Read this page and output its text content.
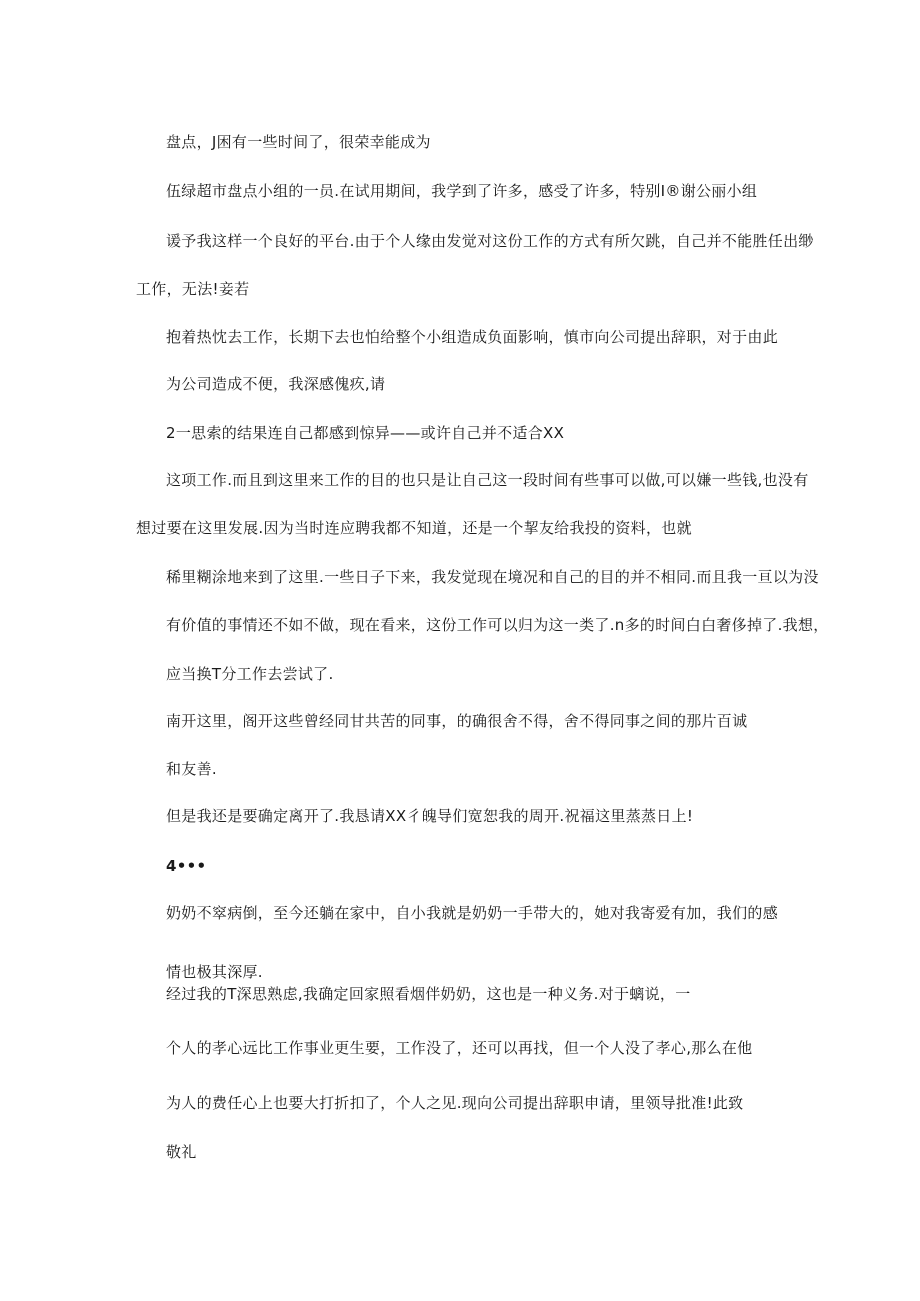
盘点，J困有一些时间了，很荣幸能成为
伍绿超市盘点小组的一员.在试用期间，我学到了许多，感受了许多，特别I®谢公丽小组
谖予我这样一个良好的平台.由于个人缘由发觉对这份工作的方式有所欠跳，自己并不能胜任出缈
工作，无法!妾若
抱着热忱去工作，长期下去也怕给整个小组造成负面影响，慎市向公司提出辞职，对于由此
为公司造成不便，我深感傀疚,请
2一思索的结果连自己都感到惊异——或许自己并不适合XX
这项工作.而且到这里来工作的目的也只是让自己这一段时间有些事可以做,可以嫌一些钱,也没有
想过要在这里发展.因为当时连应聘我都不知道，还是一个挈友给我投的资料，也就
稀里糊涂地来到了这里.一些日子下来，我发觉现在境况和自己的目的并不相同.而且我一亘以为没
有价值的事情还不如不做，现在看来，这份工作可以归为这一类了.n多的时间白白奢侈掉了.我想，
应当换T分工作去尝试了.
南开这里，阁开这些曾经同甘共苦的同事，的确很舍不得，舍不得同事之间的那片百诚
和友善.
但是我还是要确定离开了.我恳请XX彳魄导们宽恕我的周开.祝福这里蒸蒸日上!
4•••
奶奶不窣病倒，至今还躺在家中，自小我就是奶奶一手带大的，她对我寄爱有加，我们的感
情也极其深厚.
经过我的T深思熟虑,我确定回家照看烟伴奶奶，这也是一种义务.对于螭说，一
个人的孝心远比工作事业更生要，工作没了，还可以再找，但一个人没了孝心,那么在他
为人的费任心上也要大打折扣了，个人之见.现向公司提出辞职申请，里领导批准!此致
敬礼
